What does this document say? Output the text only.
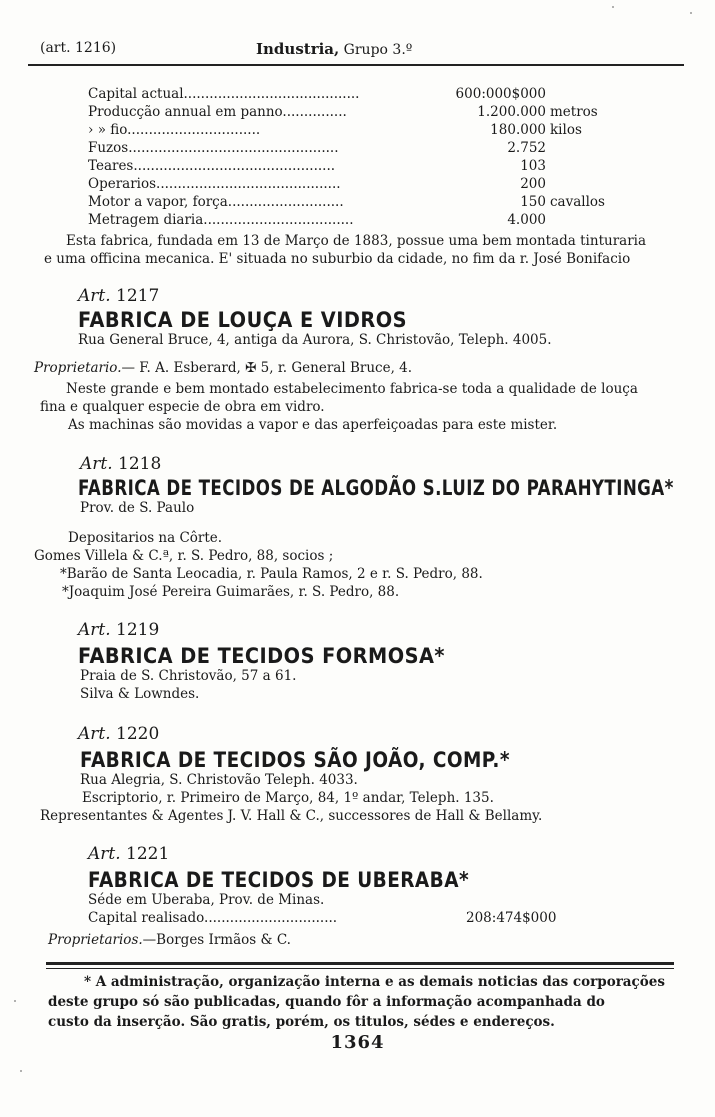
(art. 1216)	Industria, Grupo 3.º
Capital actual.........................................	600:000$000
Producção annual em panno...............	1.200.000 metros
› » fio...............................	180.000 kilos
Fuzos.................................................	2.752
Teares...............................................	103
Operarios...........................................	200
Motor a vapor, força...........................	150 cavallos
Metragem diaria...................................	4.000
Esta fabrica, fundada em 13 de Março de 1883, possue uma bem montada tinturaria
e uma officina mecanica. E' situada no suburbio da cidade, no fim da r. José Bonifacio
Art. 1217
FABRICA DE LOUÇA E VIDROS
Rua General Bruce, 4, antiga da Aurora, S. Christovão, Teleph. 4005.
Proprietario.— F. A. Esberard, ✠ 5, r. General Bruce, 4.
Neste grande e bem montado estabelecimento fabrica-se toda a qualidade de louça
fina e qualquer especie de obra em vidro.
As machinas são movidas a vapor e das aperfeiçoadas para este mister.
Art. 1218
FABRICA DE TECIDOS DE ALGODÃO S.LUIZ DO PARAHYTINGA*
Prov. de S. Paulo
Depositarios na Côrte.
Gomes Villela & C.ª, r. S. Pedro, 88, socios ;
*Barão de Santa Leocadia, r. Paula Ramos, 2 e r. S. Pedro, 88.
*Joaquim José Pereira Guimarães, r. S. Pedro, 88.
Art. 1219
FABRICA DE TECIDOS FORMOSA*
Praia de S. Christovão, 57 a 61.
Silva & Lowndes.
Art. 1220
FABRICA DE TECIDOS SÃO JOÃO, COMP.*
Rua Alegria, S. Christovão Teleph. 4033.
Escriptorio, r. Primeiro de Março, 84, 1º andar, Teleph. 135.
Representantes & Agentes J. V. Hall & C., successores de Hall & Bellamy.
Art. 1221
FABRICA DE TECIDOS DE UBERABA*
Séde em Uberaba, Prov. de Minas.
Capital realisado...............................	208:474$000
Proprietarios.—Borges Irmãos & C.
* A administração, organização interna e as demais noticias das corporações
deste grupo só são publicadas, quando fôr a informação acompanhada do
custo da inserção. São gratis, porém, os titulos, sédes e endereços.
1364
